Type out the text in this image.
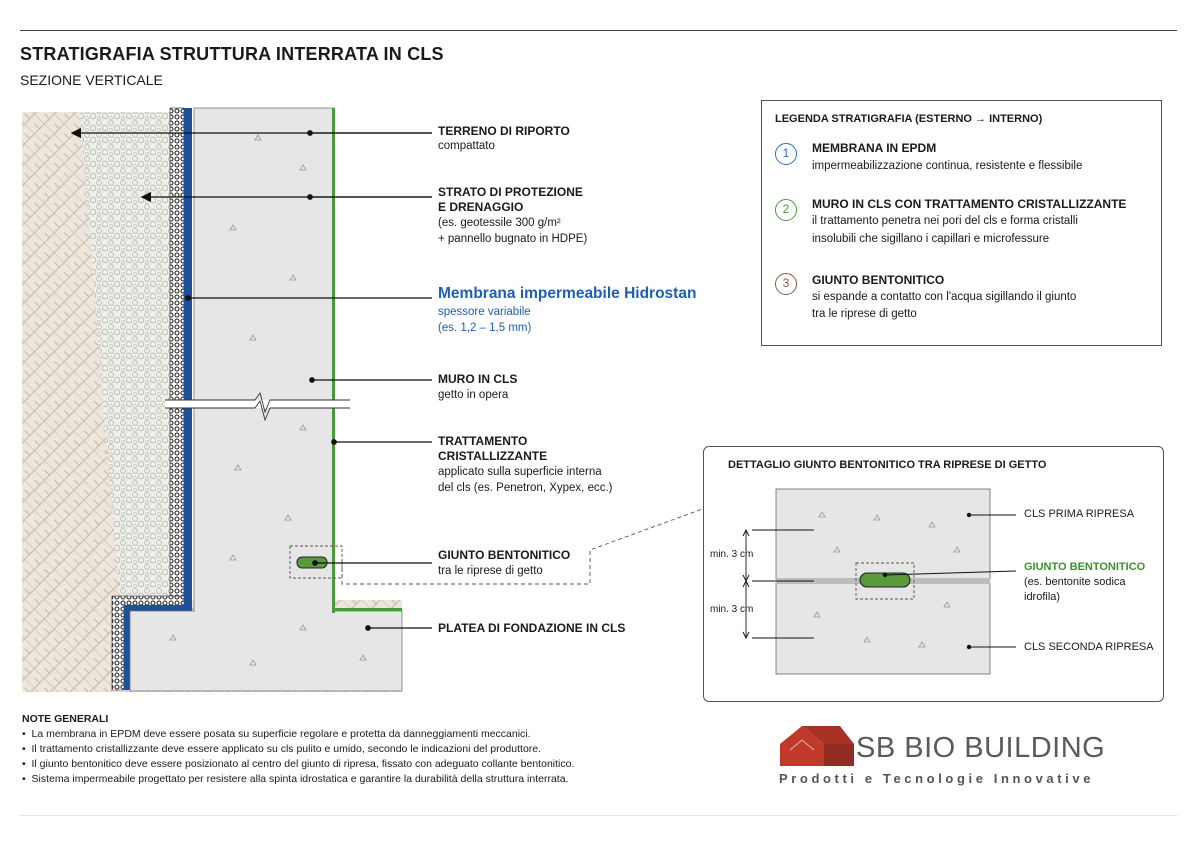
STRATIGRAFIA STRUTTURA INTERRATA IN CLS
SEZIONE VERTICALE
TERRENO DI RIPORTO
compattato
STRATO DI PROTEZIONE
E DRENAGGIO
(es. geotessile 300 g/m²
+ pannello bugnato in HDPE)
Membrana impermeabile Hidrostan
spessore variabile
(es. 1,2 – 1,5 mm)
MURO IN CLS
getto in opera
TRATTAMENTO
CRISTALLIZZANTE
applicato sulla superficie interna
del cls (es. Penetron, Xypex, ecc.)
GIUNTO BENTONITICO
tra le riprese di getto
PLATEA DI FONDAZIONE IN CLS
LEGENDA STRATIGRAFIA (ESTERNO → INTERNO)
1	MEMBRANA IN EPDM
impermeabilizzazione continua, resistente e flessibile
2	MURO IN CLS CON TRATTAMENTO CRISTALLIZZANTE
il trattamento penetra nei pori del cls e forma cristalli
insolubili che sigillano i capillari e microfessure
3	GIUNTO BENTONITICO
si espande a contatto con l'acqua sigillando il giunto
tra le riprese di getto
DETTAGLIO GIUNTO BENTONITICO TRA RIPRESE DI GETTO
min. 3 cm
min. 3 cm
CLS PRIMA RIPRESA
GIUNTO BENTONITICO
(es. bentonite sodica
idrofila)
CLS SECONDA RIPRESA
NOTE GENERALI
•  La membrana in EPDM deve essere posata su superficie regolare e protetta da danneggiamenti meccanici.
•  Il trattamento cristallizzante deve essere applicato su cls pulito e umido, secondo le indicazioni del produttore.
•  Il giunto bentonitico deve essere posizionato al centro del giunto di ripresa, fissato con adeguato collante bentonitico.
•  Sistema impermeabile progettato per resistere alla spinta idrostatica e garantire la durabilità della struttura interrata.
SB BIO BUILDING
Prodotti e Tecnologie Innovative
